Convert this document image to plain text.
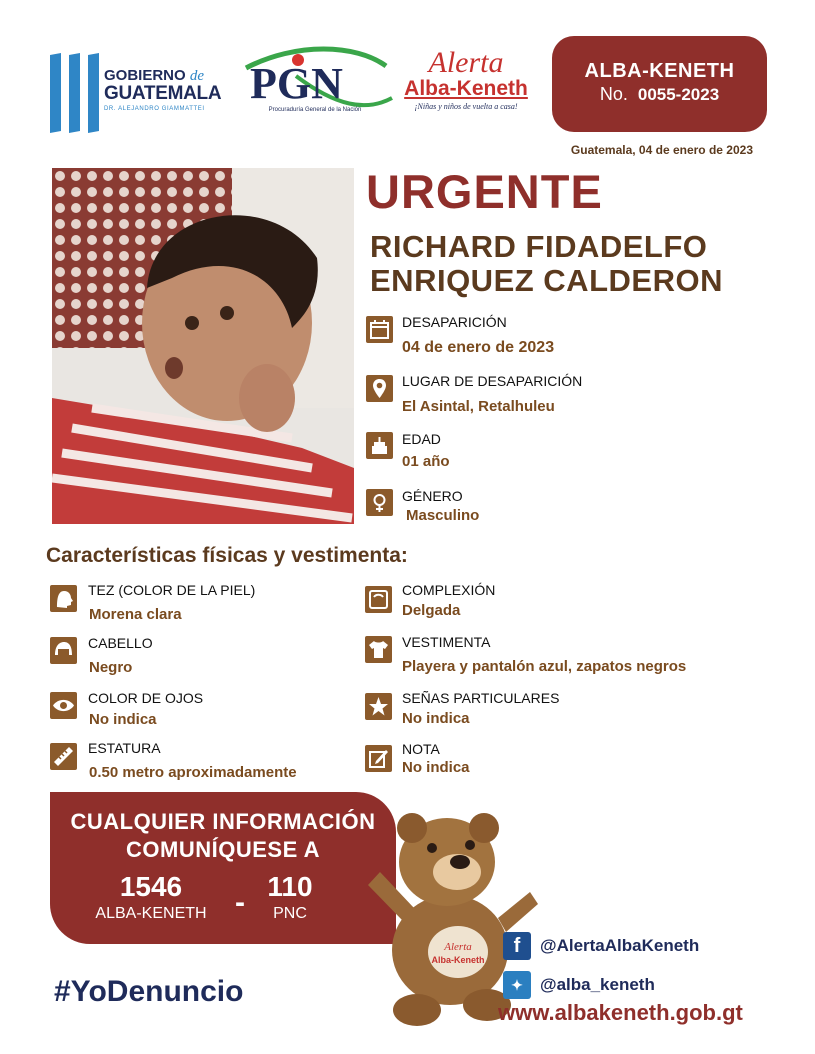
GOBIERNO de
GUATEMALA
DR. ALEJANDRO GIAMMATTEI
PGN
Procuraduría General de la Nación
Alerta
Alba-Keneth
¡Niñas y niños de vuelta a casa!
ALBA-KENETH
No. 0055-2023
Guatemala, 04 de enero de 2023
URGENTE
RICHARD FIDADELFO
ENRIQUEZ CALDERON
DESAPARICIÓN
04 de enero de 2023
LUGAR DE DESAPARICIÓN
El Asintal, Retalhuleu
EDAD
01 año
GÉNERO
Masculino
Características físicas y vestimenta:
TEZ (COLOR DE LA PIEL)
Morena clara
CABELLO
Negro
COLOR DE OJOS
No indica
ESTATURA
0.50 metro aproximadamente
COMPLEXIÓN
Delgada
VESTIMENTA
Playera y pantalón azul, zapatos negros
SEÑAS PARTICULARES
No indica
NOTA
No indica
CUALQUIER INFORMACIÓN
COMUNÍQUESE A
1546
ALBA-KENETH - 110
PNC
Alerta
Alba-Keneth
#YoDenuncio
f	@AlertaAlbaKeneth
✦	@alba_keneth
www.albakeneth.gob.gt
